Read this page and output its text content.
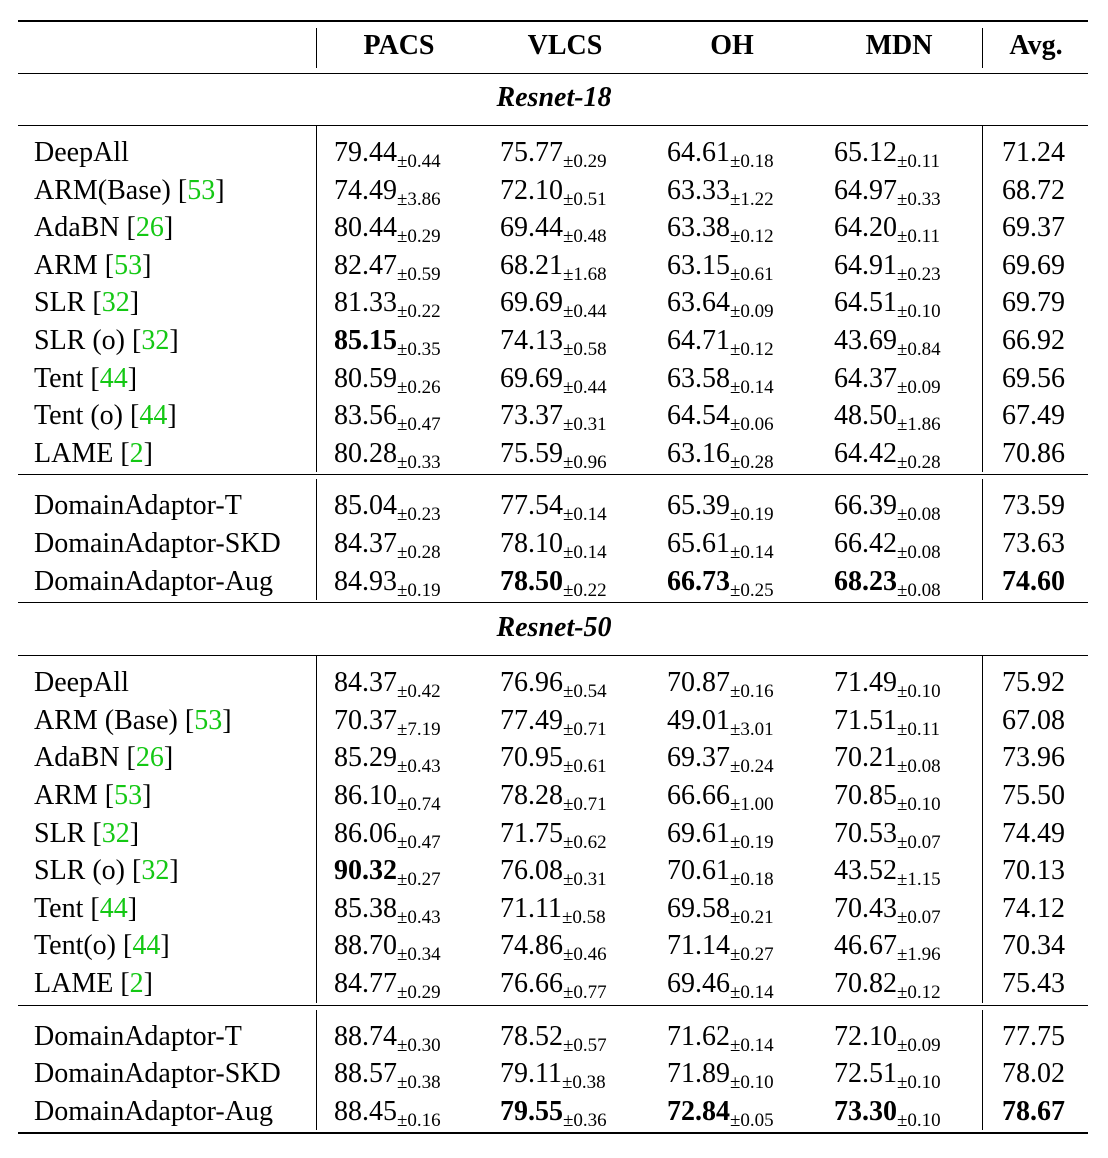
PACS	VLCS	OH	MDN	Avg.
Resnet-18
DeepAll	$79.44_{\pm 0.44}$ $75.77_{\pm 0.29}$ $64.61_{\pm 0.18}$ $65.12_{\pm 0.11}$ 71.24
ARM(Base) [53]	$74.49_{\pm 3.86}$ $72.10_{\pm 0.51}$ $63.33_{\pm 1.22}$ $64.97_{\pm 0.33}$ 68.72
AdaBN [26]	$80.44_{\pm 0.29}$ $69.44_{\pm 0.48}$ $63.38_{\pm 0.12}$ $64.20_{\pm 0.11}$ 69.37
ARM [53]	$82.47_{\pm 0.59}$ $68.21_{\pm 1.68}$ $63.15_{\pm 0.61}$ $64.91_{\pm 0.23}$ 69.69
SLR [32]	$81.33_{\pm 0.22}$ $69.69_{\pm 0.44}$ $63.64_{\pm 0.09}$ $64.51_{\pm 0.10}$ 69.79
SLR (o) [32]	$85.15_{\pm 0.35}$ $74.13_{\pm 0.58}$ $64.71_{\pm 0.12}$ $43.69_{\pm 0.84}$ 66.92
Tent [44]	$80.59_{\pm 0.26}$ $69.69_{\pm 0.44}$ $63.58_{\pm 0.14}$ $64.37_{\pm 0.09}$ 69.56
Tent (o) [44]	$83.56_{\pm 0.47}$ $73.37_{\pm 0.31}$ $64.54_{\pm 0.06}$ $48.50_{\pm 1.86}$ 67.49
LAME [2]	$80.28_{\pm 0.33}$ $75.59_{\pm 0.96}$ $63.16_{\pm 0.28}$ $64.42_{\pm 0.28}$ 70.86
DomainAdaptor-T	$85.04_{\pm 0.23}$ $77.54_{\pm 0.14}$ $65.39_{\pm 0.19}$ $66.39_{\pm 0.08}$ 73.59
DomainAdaptor-SKD $84.37_{\pm 0.28}$ $78.10_{\pm 0.14}$ $65.61_{\pm 0.14}$ $66.42_{\pm 0.08}$ 73.63
DomainAdaptor-Aug $84.93_{\pm 0.19}$ $78.50_{\pm 0.22}$ $66.73_{\pm 0.25}$ $68.23_{\pm 0.08}$ 74.60
Resnet-50
DeepAll	$84.37_{\pm 0.42}$ $76.96_{\pm 0.54}$ $70.87_{\pm 0.16}$ $71.49_{\pm 0.10}$ 75.92
ARM (Base) [53]	$70.37_{\pm 7.19}$ $77.49_{\pm 0.71}$ $49.01_{\pm 3.01}$ $71.51_{\pm 0.11}$ 67.08
AdaBN [26]	$85.29_{\pm 0.43}$ $70.95_{\pm 0.61}$ $69.37_{\pm 0.24}$ $70.21_{\pm 0.08}$ 73.96
ARM [53]	$86.10_{\pm 0.74}$ $78.28_{\pm 0.71}$ $66.66_{\pm 1.00}$ $70.85_{\pm 0.10}$ 75.50
SLR [32]	$86.06_{\pm 0.47}$ $71.75_{\pm 0.62}$ $69.61_{\pm 0.19}$ $70.53_{\pm 0.07}$ 74.49
SLR (o) [32]	$90.32_{\pm 0.27}$ $76.08_{\pm 0.31}$ $70.61_{\pm 0.18}$ $43.52_{\pm 1.15}$ 70.13
Tent [44]	$85.38_{\pm 0.43}$ $71.11_{\pm 0.58}$ $69.58_{\pm 0.21}$ $70.43_{\pm 0.07}$ 74.12
Tent(o) [44]	$88.70_{\pm 0.34}$ $74.86_{\pm 0.46}$ $71.14_{\pm 0.27}$ $46.67_{\pm 1.96}$ 70.34
LAME [2]	$84.77_{\pm 0.29}$ $76.66_{\pm 0.77}$ $69.46_{\pm 0.14}$ $70.82_{\pm 0.12}$ 75.43
DomainAdaptor-T	$88.74_{\pm 0.30}$ $78.52_{\pm 0.57}$ $71.62_{\pm 0.14}$ $72.10_{\pm 0.09}$ 77.75
DomainAdaptor-SKD $88.57_{\pm 0.38}$ $79.11_{\pm 0.38}$ $71.89_{\pm 0.10}$ $72.51_{\pm 0.10}$ 78.02
DomainAdaptor-Aug $88.45_{\pm 0.16}$ $79.55_{\pm 0.36}$ $72.84_{\pm 0.05}$ $73.30_{\pm 0.10}$ 78.67
